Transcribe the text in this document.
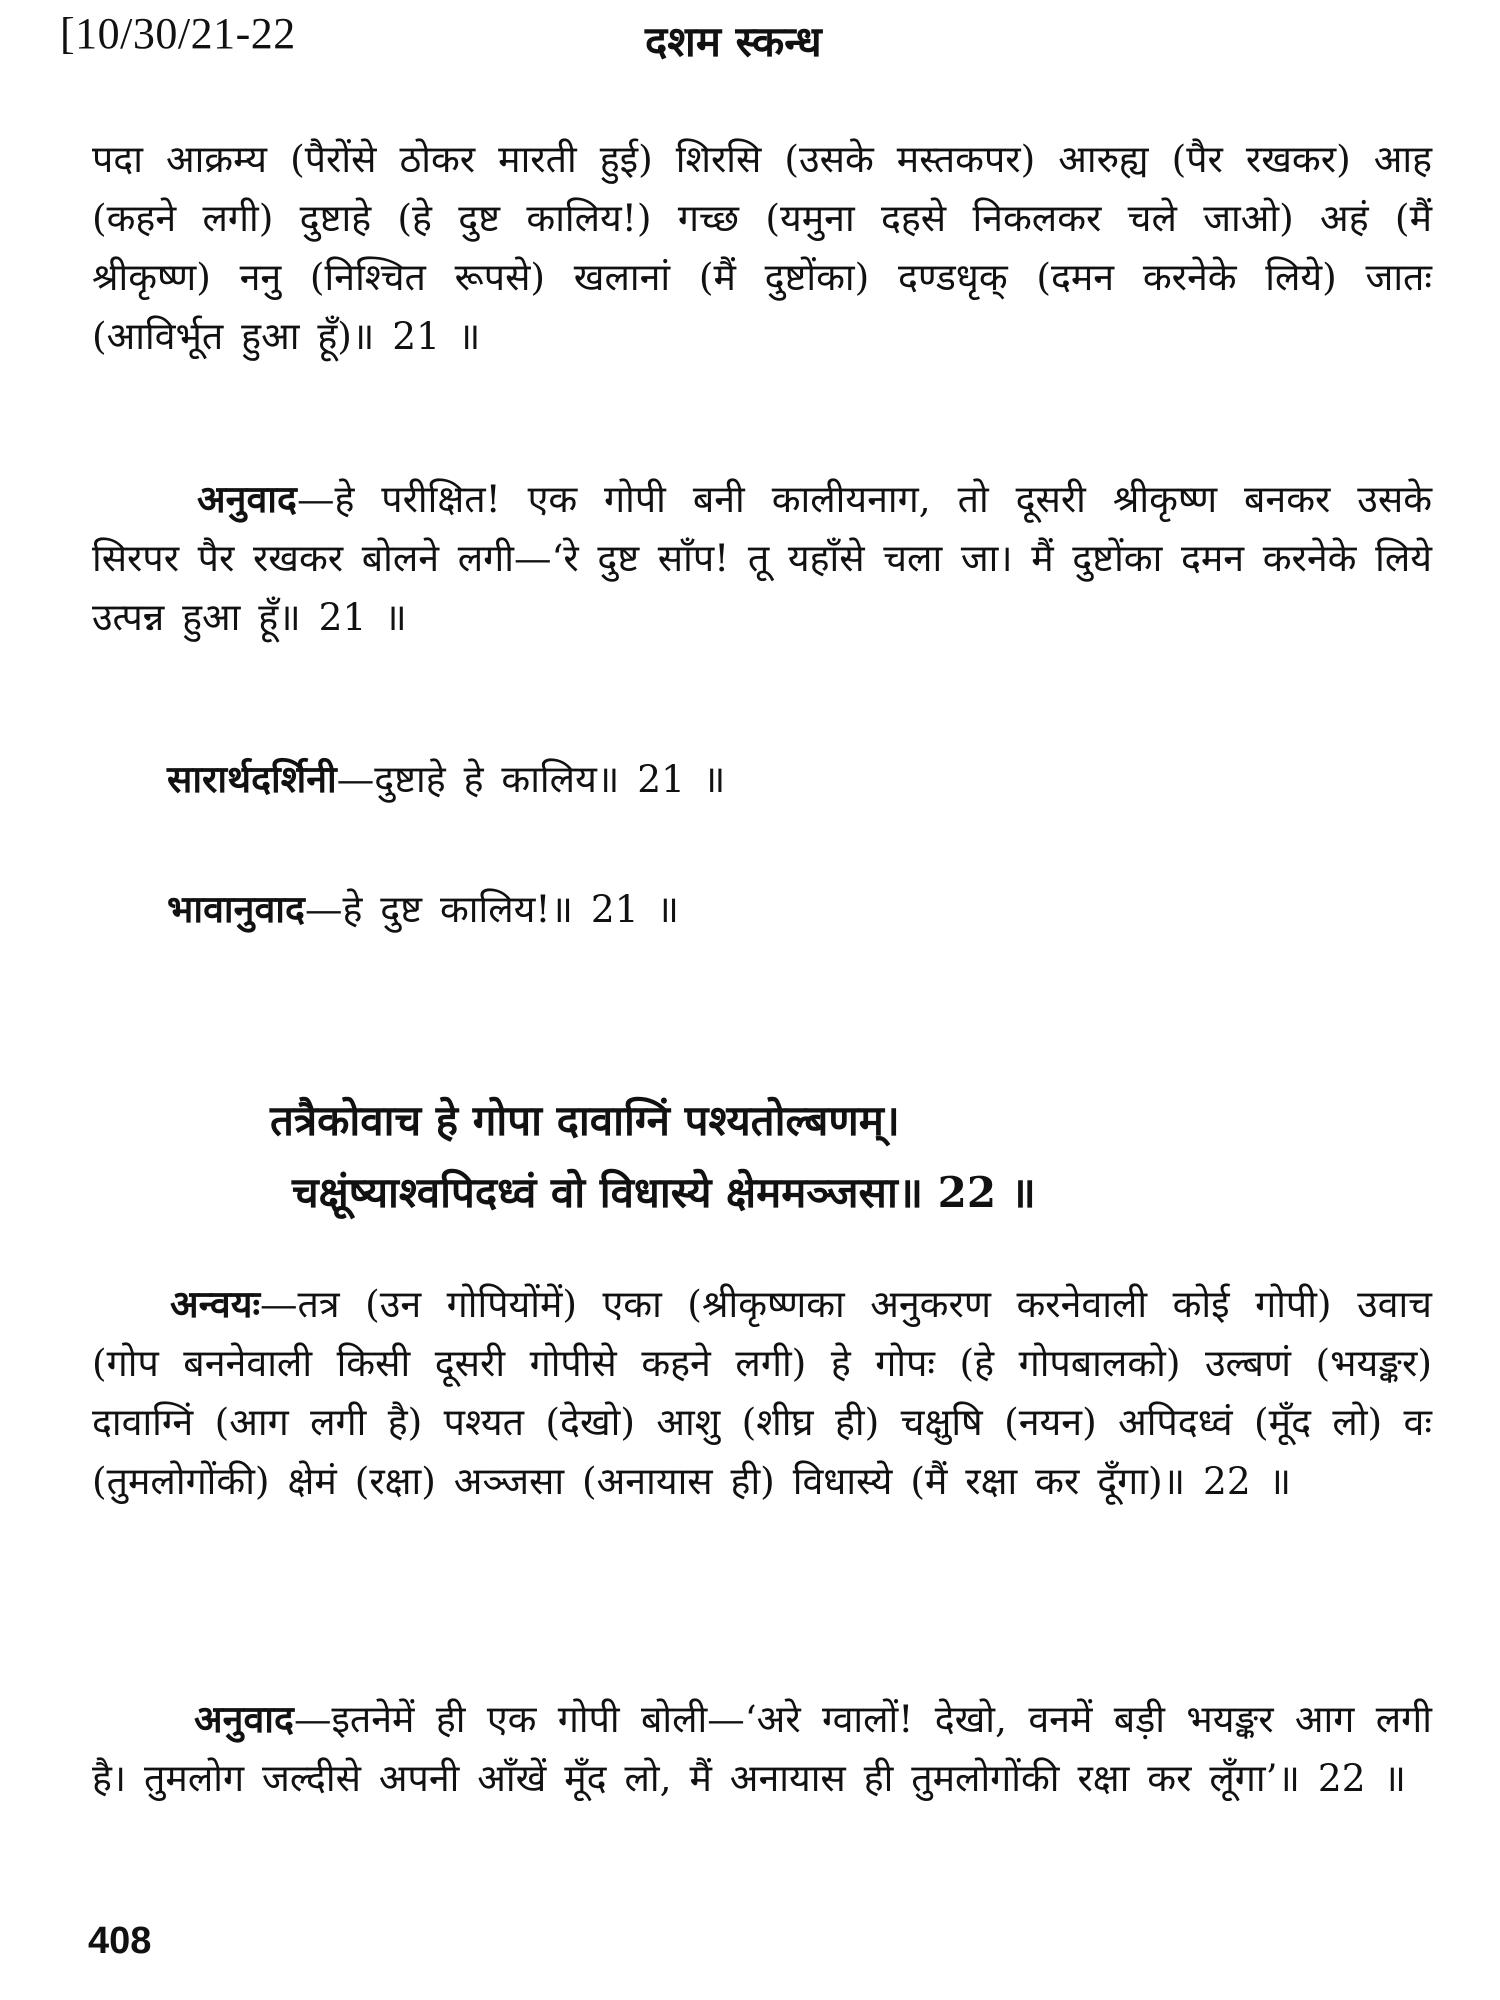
[10/30/21-22	दशम स्कन्ध

पदा आक्रम्य (पैरोंसे ठोकर मारती हुई) शिरसि (उसके मस्तकपर) आरुह्य (पैर रखकर) आह (कहने लगी) दुष्टाहे (हे दुष्ट कालिय!) गच्छ (यमुना दहसे निकलकर चले जाओ) अहं (मैं श्रीकृष्ण) ननु (निश्चित रूपसे) खलानां (मैं दुष्टोंका) दण्डधृक् (दमन करनेके लिये) जातः (आविर्भूत हुआ हूँ)॥ 21 ॥

अनुवाद—हे परीक्षित! एक गोपी बनी कालीयनाग, तो दूसरी श्रीकृष्ण बनकर उसके सिरपर पैर रखकर बोलने लगी—‘रे दुष्ट साँप! तू यहाँसे चला जा। मैं दुष्टोंका दमन करनेके लिये उत्पन्न हुआ हूँ॥ 21 ॥

सारार्थदर्शिनी—दुष्टाहे हे कालिय॥ 21 ॥

भावानुवाद—हे दुष्ट कालिय!॥ 21 ॥

तत्रैकोवाच हे गोपा दावाग्निं पश्यतोल्बणम्।
चक्षूंष्याश्वपिदध्वं वो विधास्ये क्षेममञ्जसा॥ 22 ॥

अन्वयः—तत्र (उन गोपियोंमें) एका (श्रीकृष्णका अनुकरण करनेवाली कोई गोपी) उवाच (गोप बननेवाली किसी दूसरी गोपीसे कहने लगी) हे गोपः (हे गोपबालको) उल्बणं (भयङ्कर) दावाग्निं (आग लगी है) पश्यत (देखो) आशु (शीघ्र ही) चक्षुषि (नयन) अपिदध्वं (मूँद लो) वः (तुमलोगोंकी) क्षेमं (रक्षा) अञ्जसा (अनायास ही) विधास्ये (मैं रक्षा कर दूँगा)॥ 22 ॥

अनुवाद—इतनेमें ही एक गोपी बोली—‘अरे ग्वालों! देखो, वनमें बड़ी भयङ्कर आग लगी है। तुमलोग जल्दीसे अपनी आँखें मूँद लो, मैं अनायास ही तुमलोगोंकी रक्षा कर लूँगा’॥ 22 ॥

408
